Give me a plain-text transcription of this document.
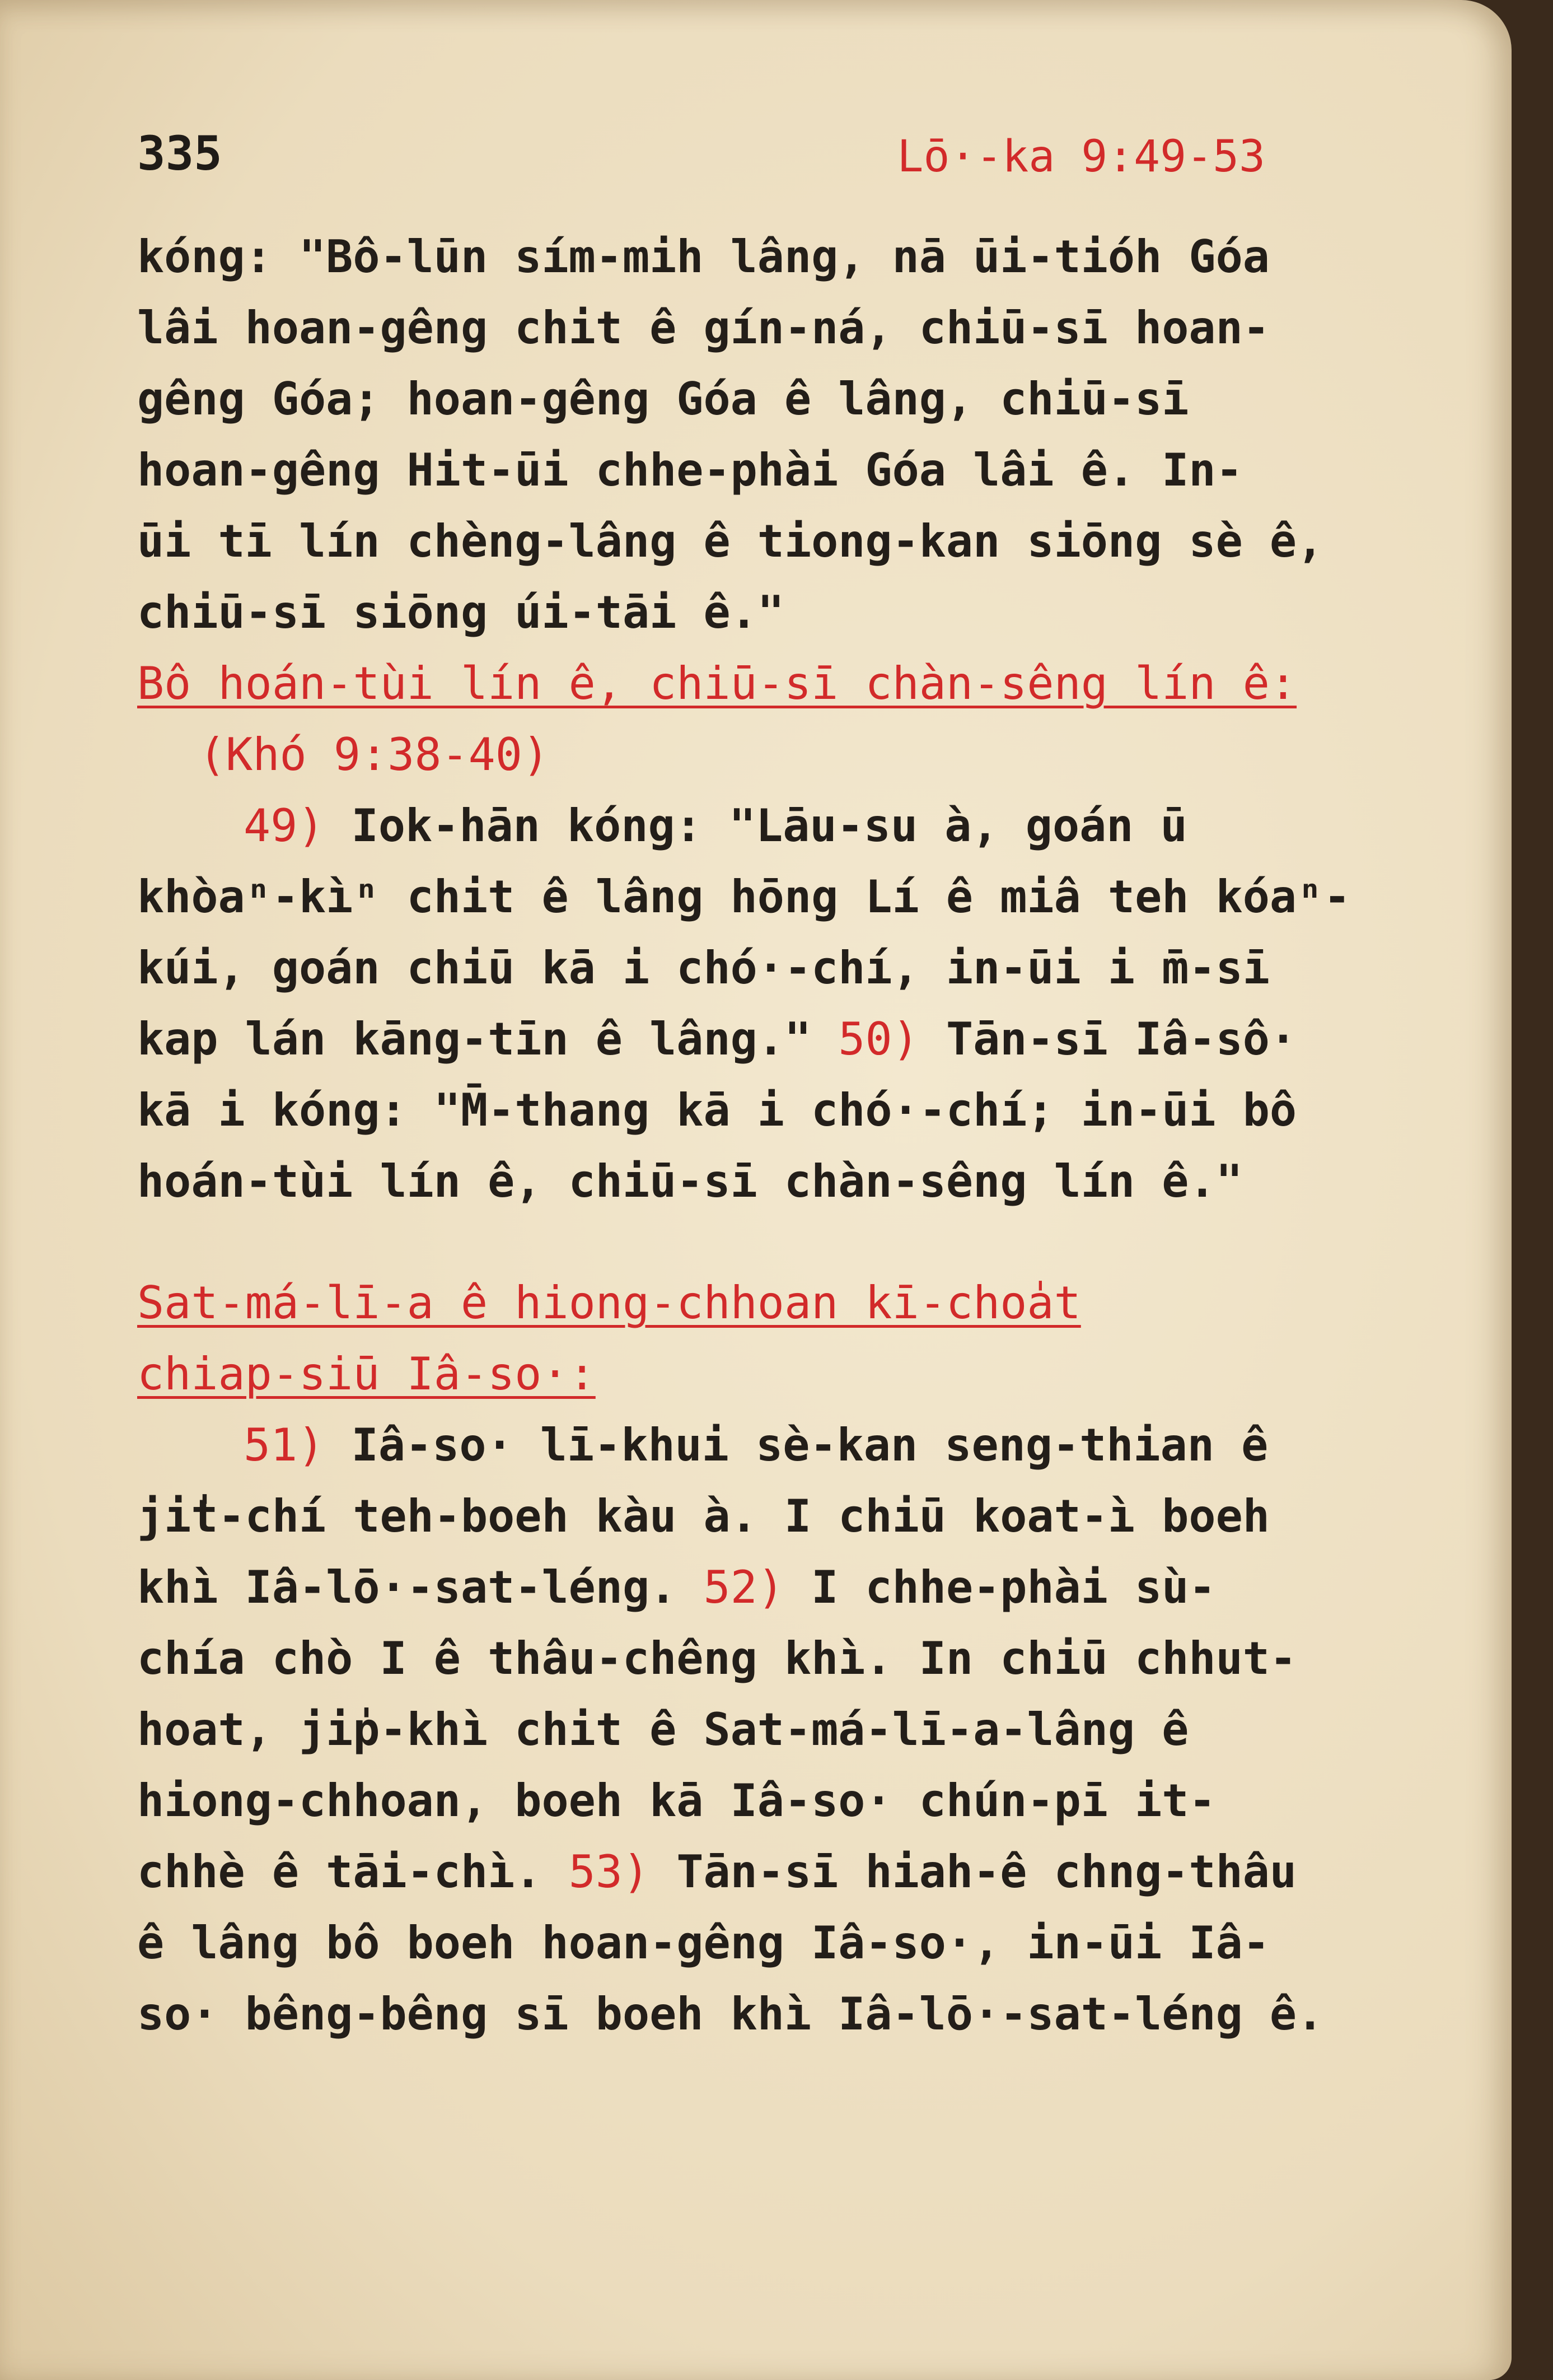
335	Lō·-ka 9:49-53
kóng: "Bô-lūn sím-mih lâng, nā ūi-tióh Góa
lâi hoan-gêng chit ê gín-ná, chiū-sī hoan-
gêng Góa; hoan-gêng Góa ê lâng, chiū-sī
hoan-gêng Hit-ūi chhe-phài Góa lâi ê. In-
ūi tī lín chèng-lâng ê tiong-kan siōng sè ê,
chiū-sī siōng úi-tāi ê."
Bô hoán-tùi lín ê, chiū-sī chàn-sêng lín ê:
(Khó 9:38-40)
49) Iok-hān kóng: "Lāu-su à, goán ū
khòaⁿ-kìⁿ chit ê lâng hōng Lí ê miâ teh kóaⁿ-
kúi, goán chiū kā i chó·-chí, in-ūi i m̄-sī
kap lán kāng-tīn ê lâng." 50) Tān-sī Iâ-sô·
kā i kóng: "M̄-thang kā i chó·-chí; in-ūi bô
hoán-tùi lín ê, chiū-sī chàn-sêng lín ê."
Sat-má-lī-a ê hiong-chhoan kī-choa̍t
chiap-siū Iâ-so·:
51) Iâ-so· lī-khui sè-kan seng-thian ê
ji̍t-chí teh-boeh kàu à. I chiū koat-ì boeh
khì Iâ-lō·-sat-léng. 52) I chhe-phài sù-
chía chò I ê thâu-chêng khì. In chiū chhut-
hoat, ji̍p-khì chit ê Sat-má-lī-a-lâng ê
hiong-chhoan, boeh kā Iâ-so· chún-pī it-
chhè ê tāi-chì. 53) Tān-sī hiah-ê chng-thâu
ê lâng bô boeh hoan-gêng Iâ-so·, in-ūi Iâ-
so· bêng-bêng sī boeh khì Iâ-lō·-sat-léng ê.
